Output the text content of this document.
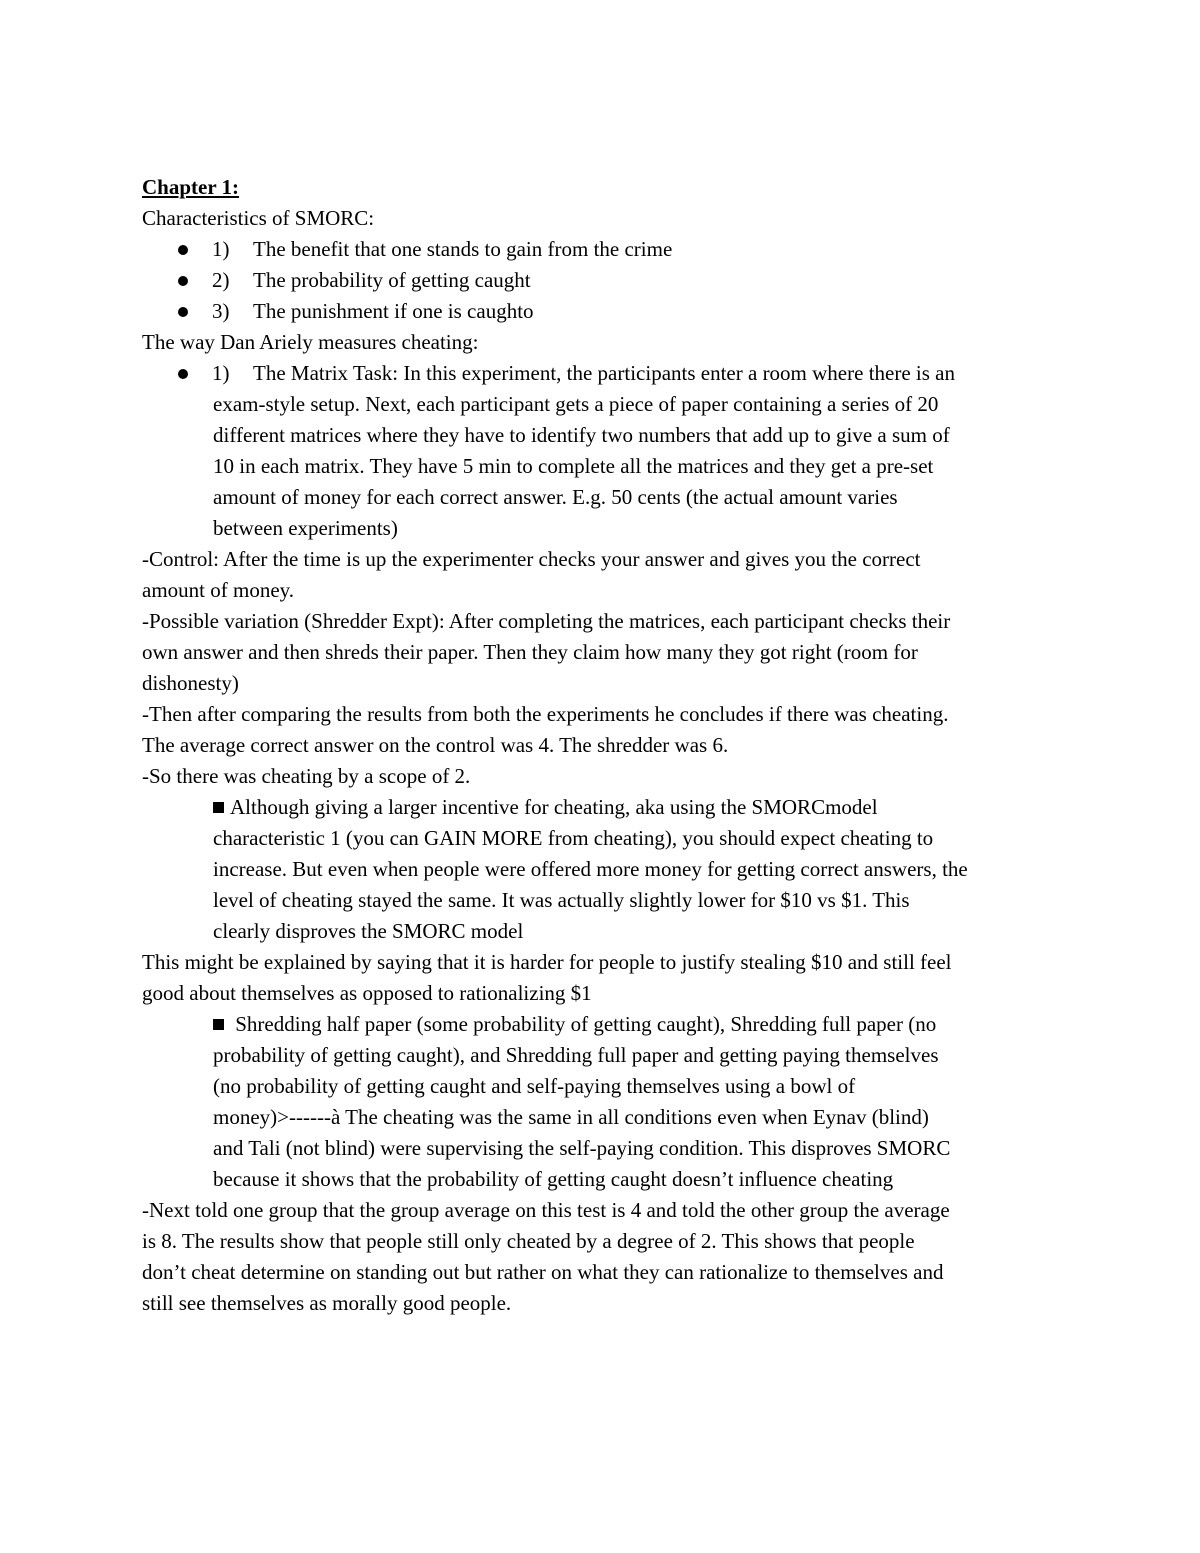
Chapter 1:
Characteristics of SMORC:
1) The benefit that one stands to gain from the crime
2) The probability of getting caught
3) The punishment if one is caughto
The way Dan Ariely measures cheating:
1) The Matrix Task: In this experiment, the participants enter a room where there is an
exam-style setup. Next, each participant gets a piece of paper containing a series of 20
different matrices where they have to identify two numbers that add up to give a sum of
10 in each matrix. They have 5 min to complete all the matrices and they get a pre-set
amount of money for each correct answer. E.g. 50 cents (the actual amount varies
between experiments)
-Control: After the time is up the experimenter checks your answer and gives you the correct
amount of money.
-Possible variation (Shredder Expt): After completing the matrices, each participant checks their
own answer and then shreds their paper. Then they claim how many they got right (room for
dishonesty)
-Then after comparing the results from both the experiments he concludes if there was cheating.
The average correct answer on the control was 4. The shredder was 6.
-So there was cheating by a scope of 2.
Although giving a larger incentive for cheating, aka using the SMORCmodel
characteristic 1 (you can GAIN MORE from cheating), you should expect cheating to
increase. But even when people were offered more money for getting correct answers, the
level of cheating stayed the same. It was actually slightly lower for $10 vs $1. This
clearly disproves the SMORC model
This might be explained by saying that it is harder for people to justify stealing $10 and still feel
good about themselves as opposed to rationalizing $1
Shredding half paper (some probability of getting caught), Shredding full paper (no
probability of getting caught), and Shredding full paper and getting paying themselves
(no probability of getting caught and self-paying themselves using a bowl of
money)>------à The cheating was the same in all conditions even when Eynav (blind)
and Tali (not blind) were supervising the self-paying condition. This disproves SMORC
because it shows that the probability of getting caught doesn’t influence cheating
-Next told one group that the group average on this test is 4 and told the other group the average
is 8. The results show that people still only cheated by a degree of 2. This shows that people
don’t cheat determine on standing out but rather on what they can rationalize to themselves and
still see themselves as morally good people.
